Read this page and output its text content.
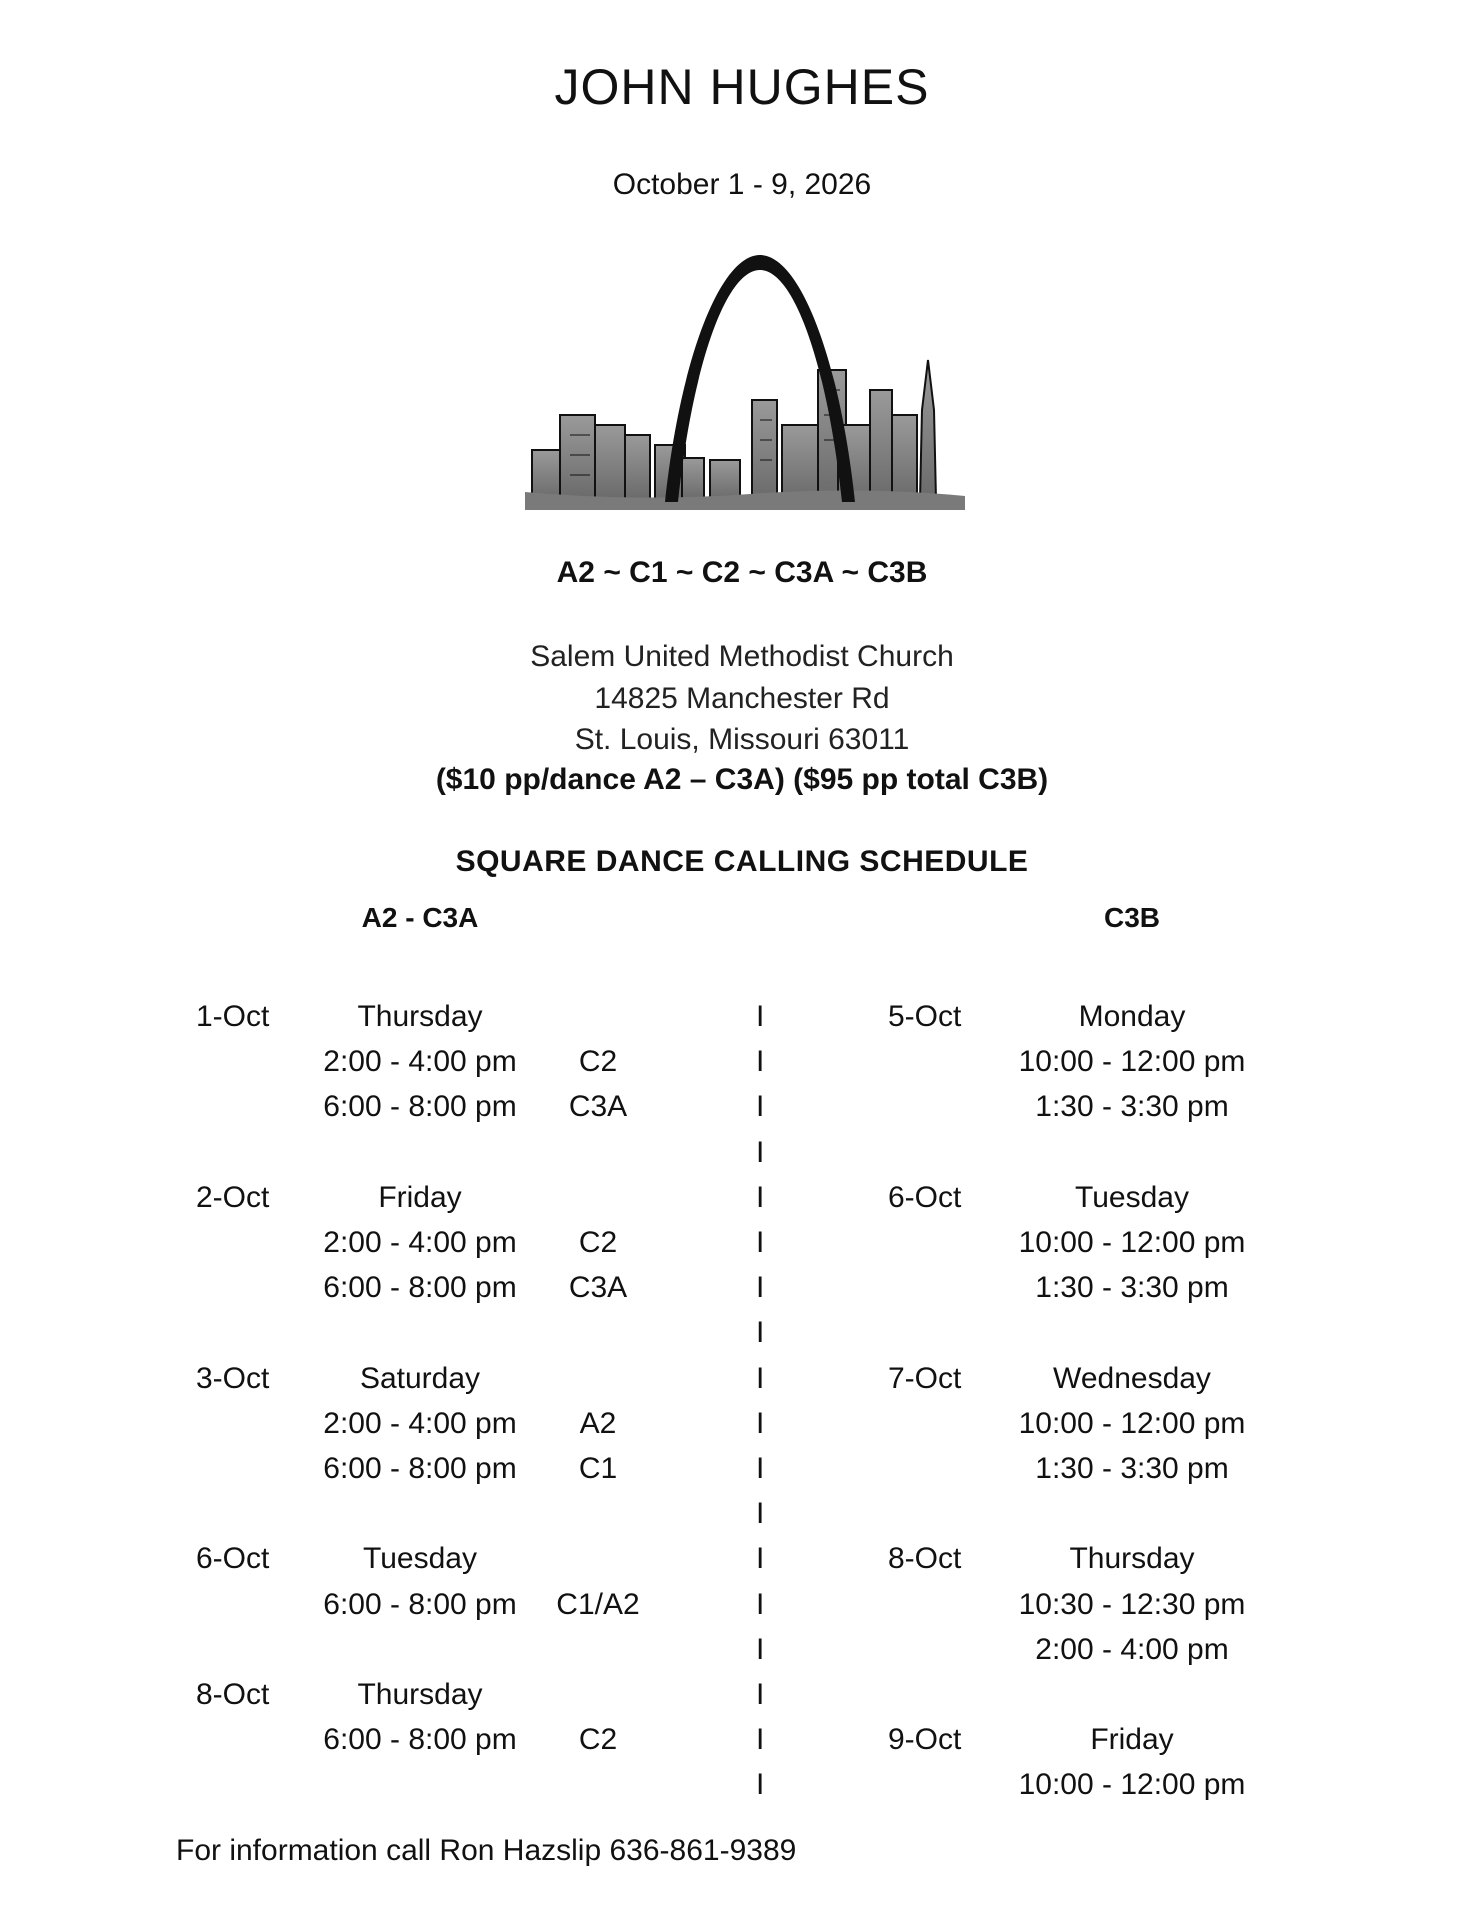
JOHN HUGHES
October 1 - 9, 2026
A2 ~ C1 ~ C2 ~ C3A ~ C3B
Salem United Methodist Church
14825 Manchester Rd
St. Louis, Missouri 63011
($10 pp/dance A2 – C3A) ($95 pp total C3B)
SQUARE DANCE CALLING SCHEDULE
A2 - C3A	C3B
1-Oct	Thursday
2:00 - 4:00 pm C2
6:00 - 8:00 pm C3A
2-Oct	Friday
2:00 - 4:00 pm C2
6:00 - 8:00 pm C3A
3-Oct	Saturday
2:00 - 4:00 pm A2
6:00 - 8:00 pm C1
6-Oct	Tuesday
6:00 - 8:00 pm C1/A2
8-Oct	Thursday
6:00 - 8:00 pm C2
5-Oct	Monday
10:00 - 12:00 pm
1:30 - 3:30 pm
6-Oct	Tuesday
10:00 - 12:00 pm
1:30 - 3:30 pm
7-Oct	Wednesday
10:00 - 12:00 pm
1:30 - 3:30 pm
8-Oct	Thursday
10:30 - 12:30 pm
2:00 - 4:00 pm
9-Oct	Friday
10:00 - 12:00 pm
I
I
I
I
I
I
I
I
I
I
I
I
I
I
I
I
I
I
For information call Ron Hazslip 636-861-9389
